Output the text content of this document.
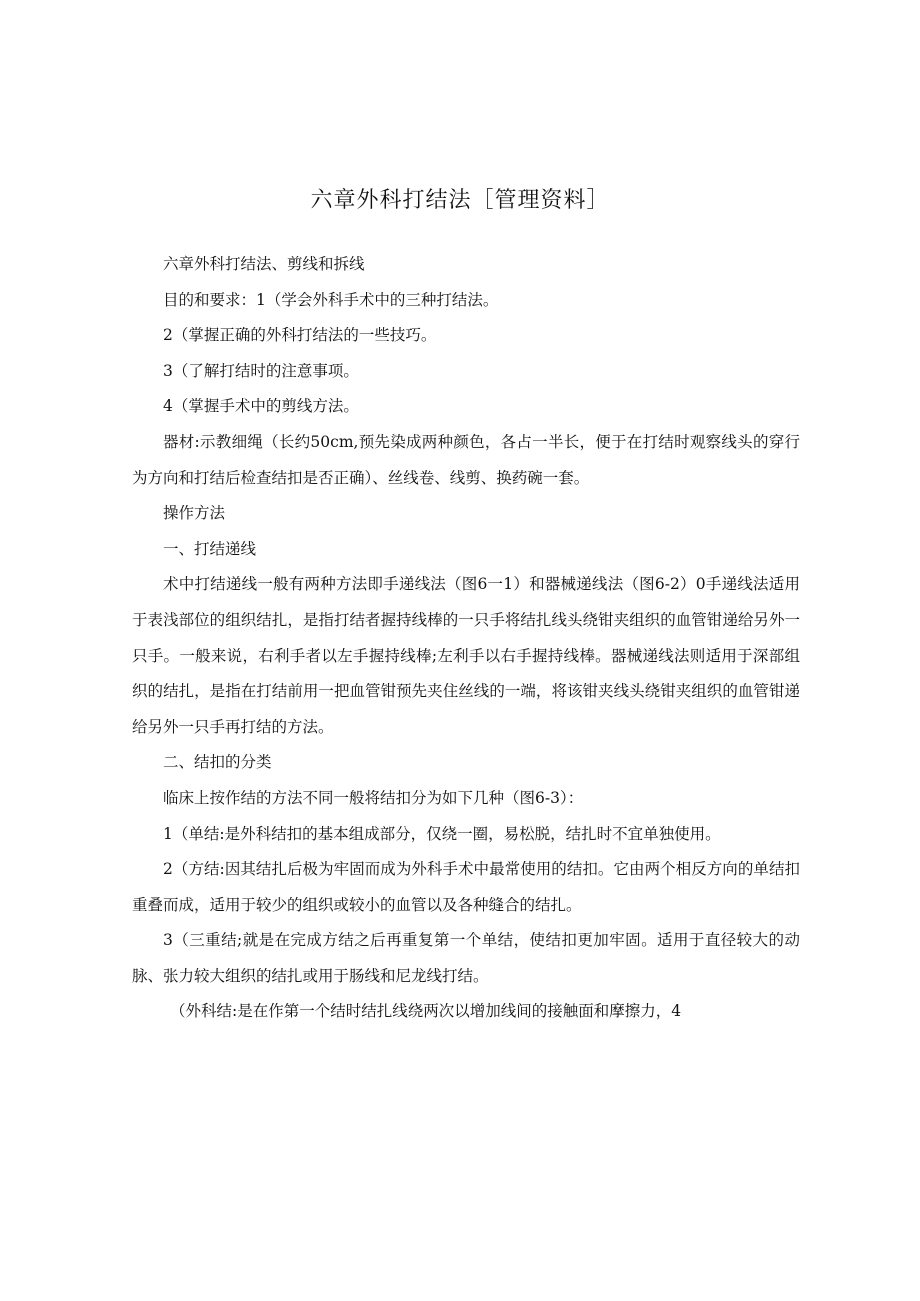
六章外科打结法［管理资料］

六章外科打结法、剪线和拆线

目的和要求：1（学会外科手术中的三种打结法。

2（掌握正确的外科打结法的一些技巧。

3（了解打结时的注意事项。

4（掌握手术中的剪线方法。

器材:示教细绳（长约50cm,预先染成两种颜色，各占一半长，便于在打结时观察线头的穿行为方向和打结后检查结扣是否正确）、丝线卷、线剪、换药碗一套。

操作方法

一、打结递线

术中打结递线一般有两种方法即手递线法（图6一1）和器械递线法（图6-2）0手递线法适用于表浅部位的组织结扎，是指打结者握持线棒的一只手将结扎线头绕钳夹组织的血管钳递给另外一只手。一般来说，右利手者以左手握持线棒;左利手以右手握持线棒。器械递线法则适用于深部组织的结扎，是指在打结前用一把血管钳预先夹住丝线的一端，将该钳夹线头绕钳夹组织的血管钳递给另外一只手再打结的方法。

二、结扣的分类

临床上按作结的方法不同一般将结扣分为如下几种（图6-3）：

1（单结:是外科结扣的基本组成部分，仅绕一圈，易松脱，结扎时不宜单独使用。

2（方结:因其结扎后极为牢固而成为外科手术中最常使用的结扣。它由两个相反方向的单结扣重叠而成，适用于较少的组织或较小的血管以及各种缝合的结扎。

3（三重结;就是在完成方结之后再重复第一个单结，使结扣更加牢固。适用于直径较大的动脉、张力较大组织的结扎或用于肠线和尼龙线打结。

（外科结:是在作第一个结时结扎线绕两次以增加线间的接触面和摩擦力，4
